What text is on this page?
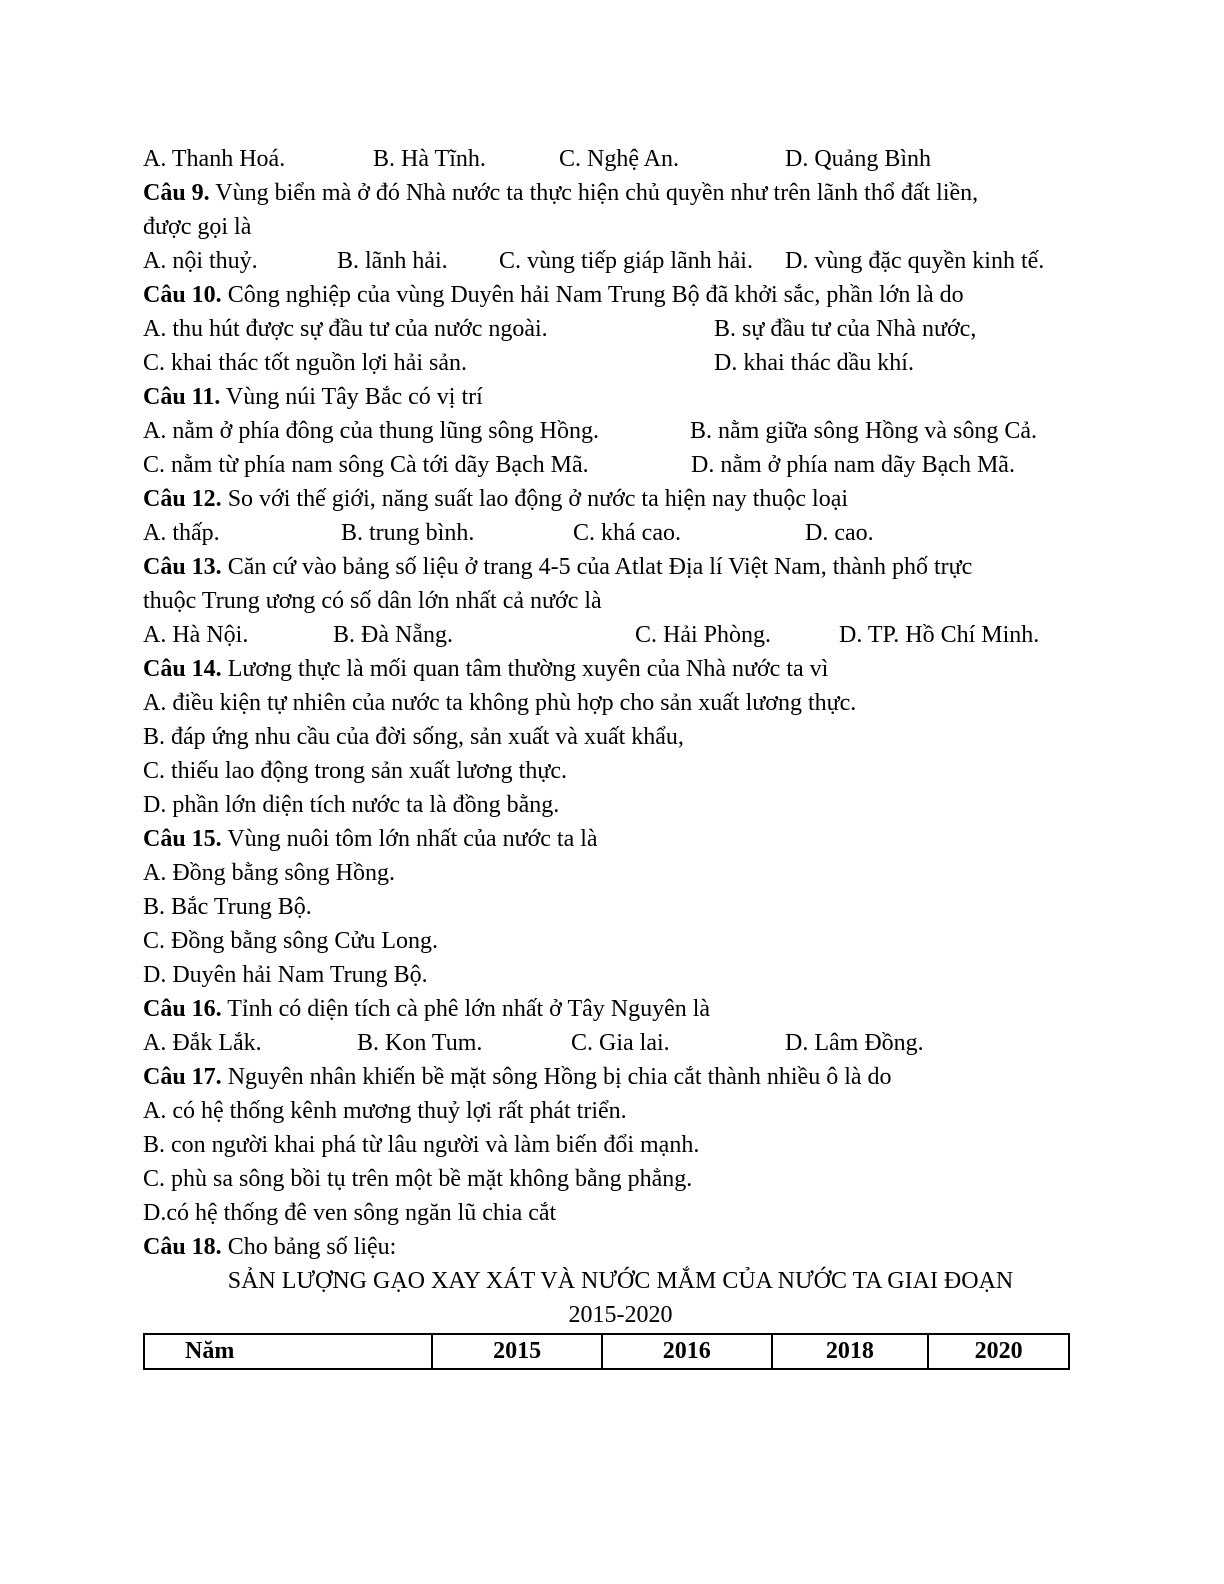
A. Thanh Hoá.	B. Hà Tĩnh.	C. Nghệ An.	D. Quảng Bình
Câu 9. Vùng biển mà ở đó Nhà nước ta thực hiện chủ quyền như trên lãnh thổ đất liền,
được gọi là
A. nội thuỷ.	B. lãnh hải. C. vùng tiếp giáp lãnh hải. D. vùng đặc quyền kinh tế.
Câu 10. Công nghiệp của vùng Duyên hải Nam Trung Bộ đã khởi sắc, phần lớn là do
A. thu hút được sự đầu tư của nước ngoài.	B. sự đầu tư của Nhà nước,
C. khai thác tốt nguồn lợi hải sản.	D. khai thác dầu khí.
Câu 11. Vùng núi Tây Bắc có vị trí
A. nằm ở phía đông của thung lũng sông Hồng.	B. nằm giữa sông Hồng và sông Cả.
C. nằm từ phía nam sông Cà tới dãy Bạch Mã.	D. nằm ở phía nam dãy Bạch Mã.
Câu 12. So với thế giới, năng suất lao động ở nước ta hiện nay thuộc loại
A. thấp.	B. trung bình.	C. khá cao.	D. cao.
Câu 13. Căn cứ vào bảng số liệu ở trang 4-5 của Atlat Địa lí Việt Nam, thành phố trực
thuộc Trung ương có số dân lớn nhất cả nước là
A. Hà Nội.	B. Đà Nẵng.	C. Hải Phòng.	D. TP. Hồ Chí Minh.
Câu 14. Lương thực là mối quan tâm thường xuyên của Nhà nước ta vì
A. điều kiện tự nhiên của nước ta không phù hợp cho sản xuất lương thực.
B. đáp ứng nhu cầu của đời sống, sản xuất và xuất khẩu,
C. thiếu lao động trong sản xuất lương thực.
D. phần lớn diện tích nước ta là đồng bằng.
Câu 15. Vùng nuôi tôm lớn nhất của nước ta là
A. Đồng bằng sông Hồng.
B. Bắc Trung Bộ.
C. Đồng bằng sông Cửu Long.
D. Duyên hải Nam Trung Bộ.
Câu 16. Tỉnh có diện tích cà phê lớn nhất ở Tây Nguyên là
A. Đắk Lắk.	B. Kon Tum.	C. Gia lai.	D. Lâm Đồng.
Câu 17. Nguyên nhân khiến bề mặt sông Hồng bị chia cắt thành nhiều ô là do
A. có hệ thống kênh mương thuỷ lợi rất phát triển.
B. con người khai phá từ lâu người và làm biến đổi mạnh.
C. phù sa sông bồi tụ trên một bề mặt không bằng phẳng.
D.có hệ thống đê ven sông ngăn lũ chia cắt
Câu 18. Cho bảng số liệu:
SẢN LƯỢNG GẠO XAY XÁT VÀ NƯỚC MẮM CỦA NƯỚC TA GIAI ĐOẠN
2015-2020
Năm	2015	2016	2018	2020
